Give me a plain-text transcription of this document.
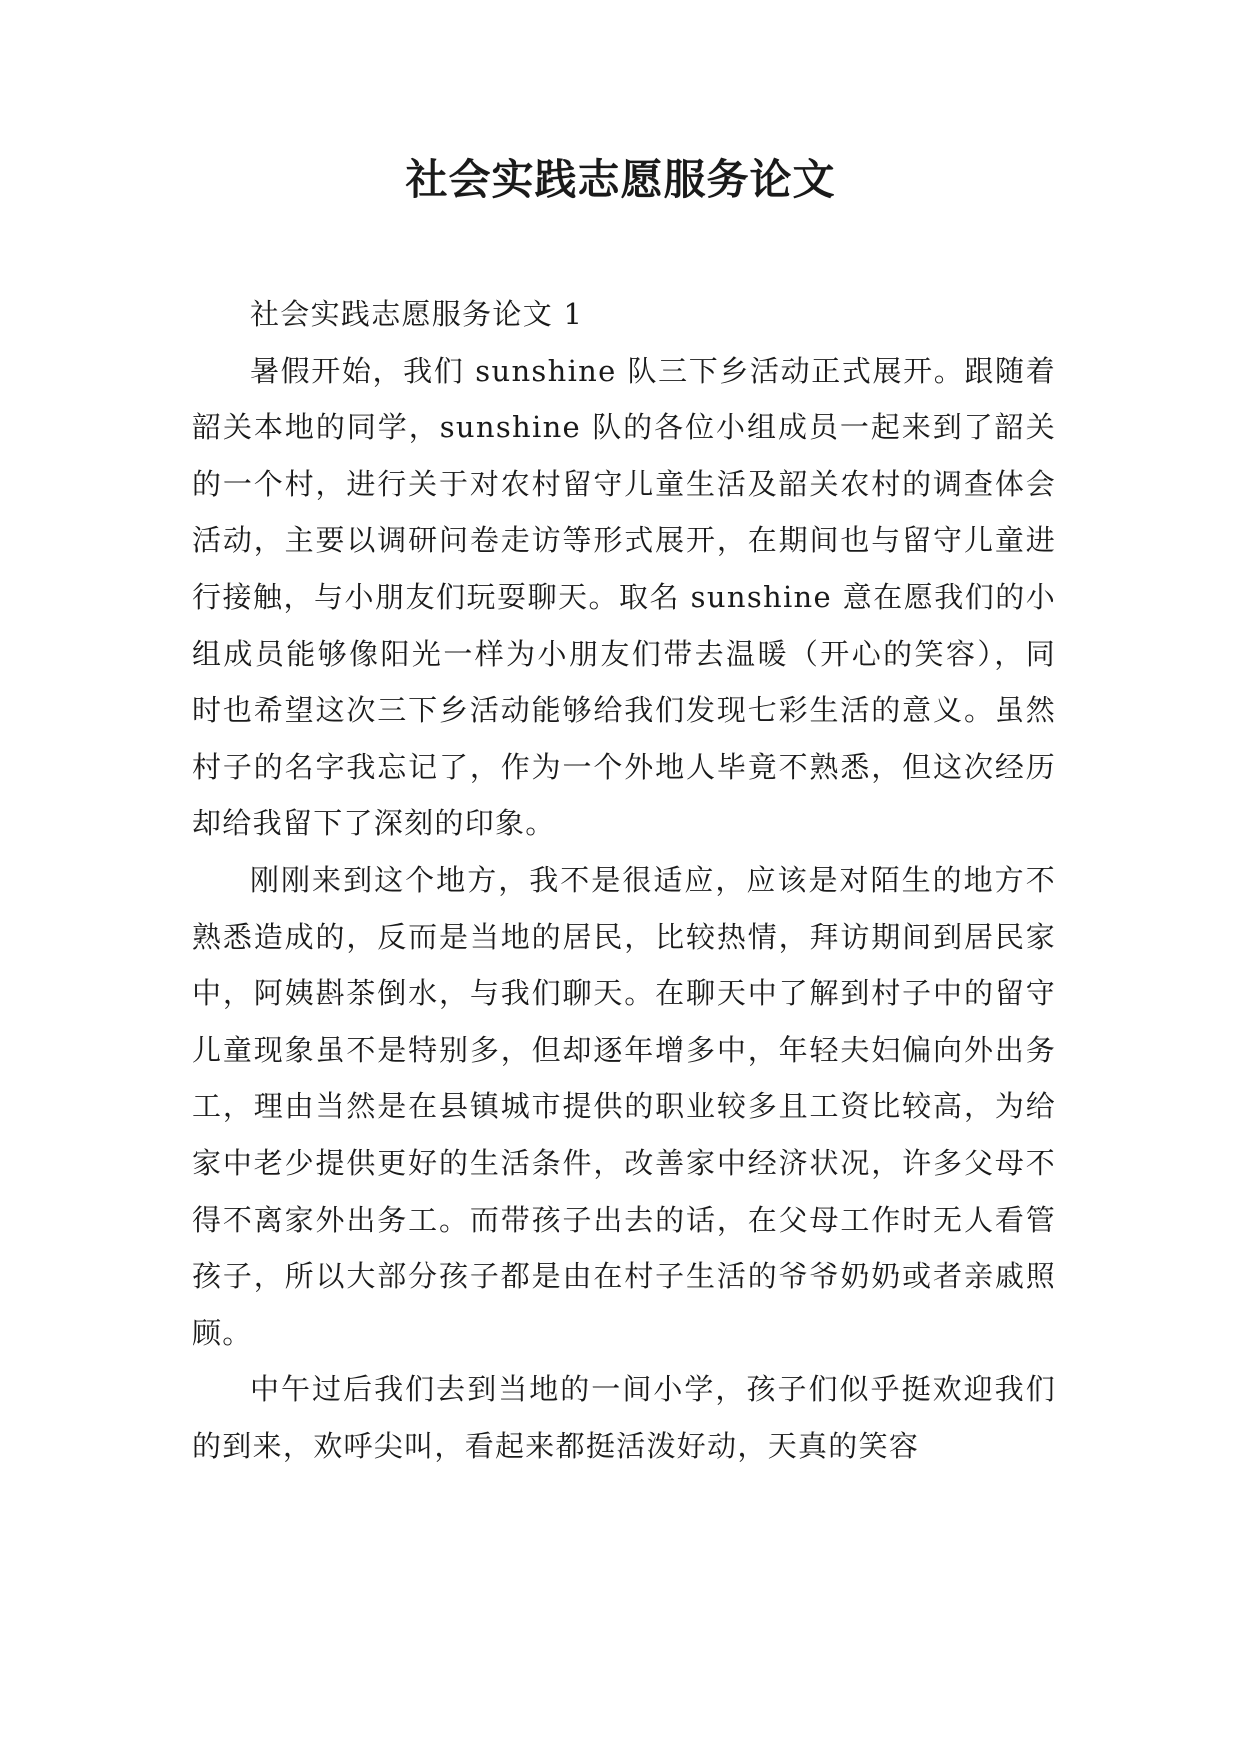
社会实践志愿服务论文

社会实践志愿服务论文 1

暑假开始，我们 sunshine 队三下乡活动正式展开。跟随着韶关本地的同学，sunshine 队的各位小组成员一起来到了韶关的一个村，进行关于对农村留守儿童生活及韶关农村的调查体会活动，主要以调研问卷走访等形式展开，在期间也与留守儿童进行接触，与小朋友们玩耍聊天。取名 sunshine 意在愿我们的小组成员能够像阳光一样为小朋友们带去温暖（开心的笑容），同时也希望这次三下乡活动能够给我们发现七彩生活的意义。虽然村子的名字我忘记了，作为一个外地人毕竟不熟悉，但这次经历却给我留下了深刻的印象。

刚刚来到这个地方，我不是很适应，应该是对陌生的地方不熟悉造成的，反而是当地的居民，比较热情，拜访期间到居民家中，阿姨斟茶倒水，与我们聊天。在聊天中了解到村子中的留守儿童现象虽不是特别多，但却逐年增多中，年轻夫妇偏向外出务工，理由当然是在县镇城市提供的职业较多且工资比较高，为给家中老少提供更好的生活条件，改善家中经济状况，许多父母不得不离家外出务工。而带孩子出去的话，在父母工作时无人看管孩子，所以大部分孩子都是由在村子生活的爷爷奶奶或者亲戚照顾。

中午过后我们去到当地的一间小学，孩子们似乎挺欢迎我们的到来，欢呼尖叫，看起来都挺活泼好动，天真的笑容
